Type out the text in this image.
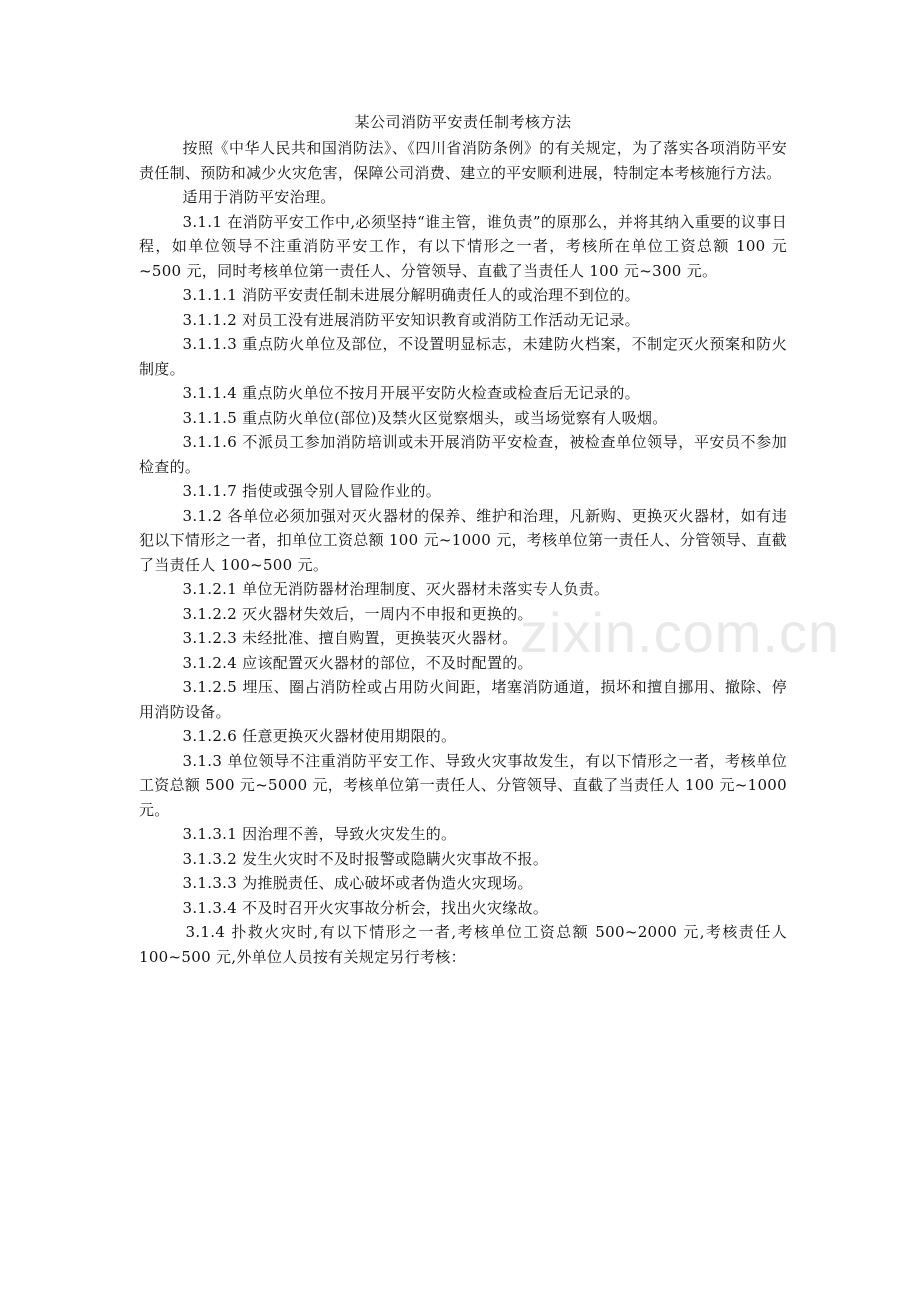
某公司消防平安责任制考核方法

按照《中华人民共和国消防法》、《四川省消防条例》的有关规定，为了落实各项消防平安责任制、预防和减少火灾危害，保障公司消费、建立的平安顺利进展，特制定本考核施行方法。

适用于消防平安治理。

3.1.1 在消防平安工作中,必须坚持“谁主管，谁负责”的原那么，并将其纳入重要的议事日程，如单位领导不注重消防平安工作，有以下情形之一者，考核所在单位工资总额 100 元~500 元，同时考核单位第一责任人、分管领导、直截了当责任人 100 元~300 元。

3.1.1.1 消防平安责任制未进展分解明确责任人的或治理不到位的。

3.1.1.2 对员工没有进展消防平安知识教育或消防工作活动无记录。

3.1.1.3 重点防火单位及部位，不设置明显标志，未建防火档案，不制定灭火预案和防火制度。

3.1.1.4 重点防火单位不按月开展平安防火检查或检查后无记录的。

3.1.1.5 重点防火单位(部位)及禁火区觉察烟头，或当场觉察有人吸烟。

3.1.1.6 不派员工参加消防培训或未开展消防平安检查，被检查单位领导，平安员不参加检查的。

3.1.1.7 指使或强令别人冒险作业的。

3.1.2 各单位必须加强对灭火器材的保养、维护和治理，凡新购、更换灭火器材，如有违犯以下情形之一者，扣单位工资总额 100 元~1000 元，考核单位第一责任人、分管领导、直截了当责任人 100~500 元。

3.1.2.1 单位无消防器材治理制度、灭火器材未落实专人负责。

3.1.2.2 灭火器材失效后，一周内不申报和更换的。

3.1.2.3 未经批准、擅自购置，更换装灭火器材。

3.1.2.4 应该配置灭火器材的部位，不及时配置的。

3.1.2.5 埋压、圈占消防栓或占用防火间距，堵塞消防通道，损坏和擅自挪用、撤除、停用消防设备。

3.1.2.6 任意更换灭火器材使用期限的。

3.1.3 单位领导不注重消防平安工作、导致火灾事故发生，有以下情形之一者，考核单位工资总额 500 元~5000 元，考核单位第一责任人、分管领导、直截了当责任人 100 元~1000 元。

3.1.3.1 因治理不善，导致火灾发生的。

3.1.3.2 发生火灾时不及时报警或隐瞒火灾事故不报。

3.1.3.3 为推脱责任、成心破坏或者伪造火灾现场。

3.1.3.4 不及时召开火灾事故分析会，找出火灾缘故。

3.1.4 扑救火灾时,有以下情形之一者,考核单位工资总额 500~2000 元,考核责任人 100~500 元,外单位人员按有关规定另行考核：

zixin.com.cn
